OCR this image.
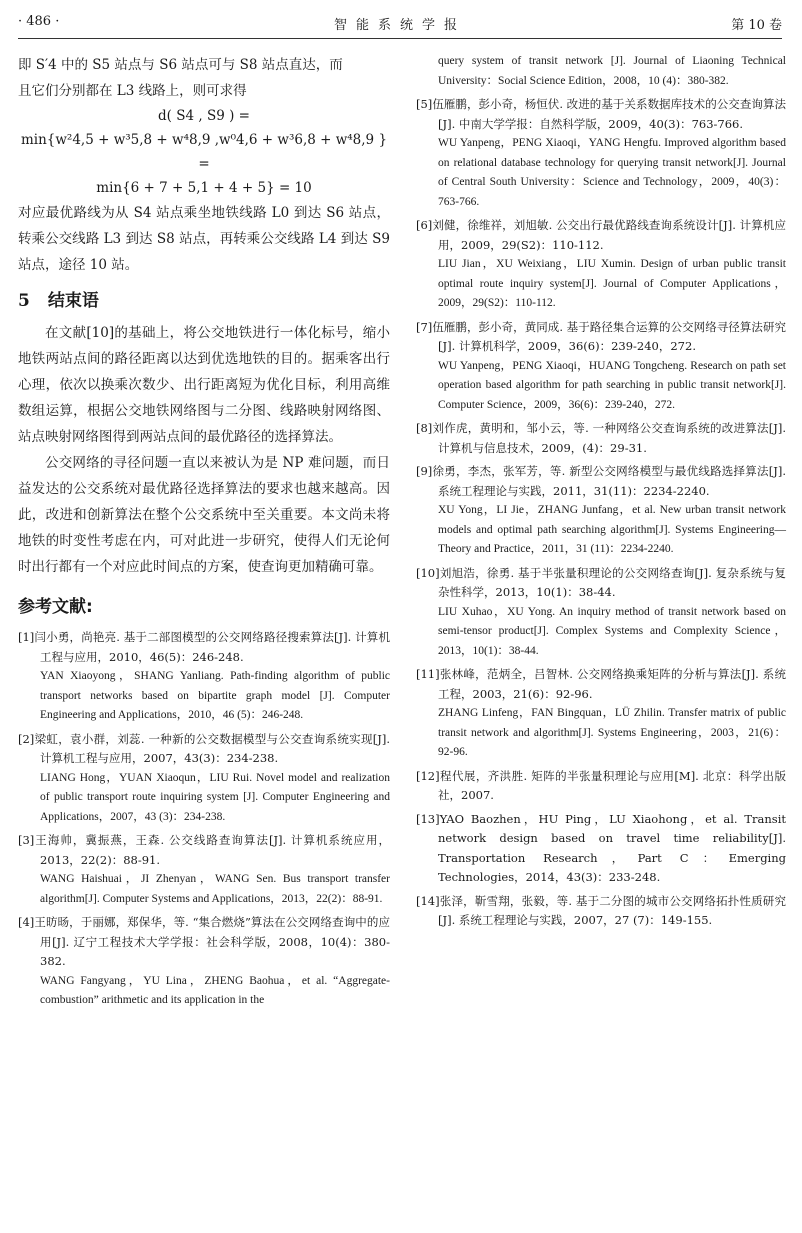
· 486 ·	智能系统学报	第 10 卷

即 S′4 中的 S5 站点与 S6 站点可与 S8 站点直达，而

且它们分别都在 L3 线路上，则可求得

d( S4 , S9 ) =

min{w²4,5 + w³5,8 + w⁴8,9 ,w⁰4,6 + w³6,8 + w⁴8,9 } =

min{6 + 7 + 5,1 + 4 + 5} = 10

对应最优路线为从 S4 站点乘坐地铁线路 L0 到达 S6 站点，转乘公交线路 L3 到达 S8 站点，再转乘公交线路 L4 到达 S9 站点，途径 10 站。

5 结束语

在文献[10]的基础上，将公交地铁进行一体化标号，缩小地铁两站点间的路径距离以达到优选地铁的目的。据乘客出行心理，依次以换乘次数少、出行距离短为优化目标，利用高维数组运算，根据公交地铁网络图与二分图、线路映射网络图、站点映射网络图得到两站点间的最优路径的选择算法。

公交网络的寻径问题一直以来被认为是 NP 难问题，而日益发达的公交系统对最优路径选择算法的要求也越来越高。因此，改进和创新算法在整个公交系统中至关重要。本文尚未将地铁的时变性考虑在内，可对此进一步研究，使得人们无论何时出行都有一个对应此时间点的方案，使查询更加精确可靠。

参考文献:
[1]闫小勇，尚艳亮. 基于二部图模型的公交网络路径搜索算法[J]. 计算机工程与应用，2010，46(5)：246-248.
YAN Xiaoyong，SHANG Yanliang. Path-finding algorithm of public transport networks based on bipartite graph model [J]. Computer Engineering and Applications，2010，46 (5)：246-248.
[2]梁虹，袁小群，刘蕊. 一种新的公交数据模型与公交查询系统实现[J]. 计算机工程与应用，2007，43(3)：234-238.
LIANG Hong，YUAN Xiaoqun，LIU Rui. Novel model and realization of public transport route inquiring system [J]. Computer Engineering and Applications，2007，43 (3)：234-238.
[3]王海帅，冀振燕，王森. 公交线路查询算法[J]. 计算机系统应用，2013，22(2)：88-91.
WANG Haishuai，JI Zhenyan，WANG Sen. Bus transport transfer algorithm[J]. Computer Systems and Applications，2013，22(2)：88-91.
[4]王昉旸，于丽娜，郑保华，等. “集合燃烧”算法在公交网络查询中的应用[J]. 辽宁工程技术大学学报：社会科学版，2008，10(4)：380-382.
WANG Fangyang，YU Lina，ZHENG Baohua，et al. “Aggregate-combustion” arithmetic and its application in the
query system of transit network [J]. Journal of Liaoning Technical University：Social Science Edition，2008，10 (4)：380-382.
[5]伍雁鹏，彭小奇，杨恒伏. 改进的基于关系数据库技术的公交查询算法[J]. 中南大学学报：自然科学版，2009，40(3)：763-766.
WU Yanpeng，PENG Xiaoqi，YANG Hengfu. Improved algorithm based on relational database technology for querying transit network[J]. Journal of Central South University：Science and Technology，2009，40(3)：763-766.
[6]刘健，徐维祥，刘旭敏. 公交出行最优路线查询系统设计[J]. 计算机应用，2009，29(S2)：110-112.
LIU Jian，XU Weixiang，LIU Xumin. Design of urban public transit optimal route inquiry system[J]. Journal of Computer Applications，2009，29(S2)：110-112.
[7]伍雁鹏，彭小奇，黄同成. 基于路径集合运算的公交网络寻径算法研究[J]. 计算机科学，2009，36(6)：239-240，272.
WU Yanpeng，PENG Xiaoqi，HUANG Tongcheng. Research on path set operation based algorithm for path searching in public transit network[J]. Computer Science，2009，36(6)：239-240，272.
[8]刘作虎，黄明和，邹小云，等. 一种网络公交查询系统的改进算法[J]. 计算机与信息技术，2009，(4)：29-31.
[9]徐勇，李杰，张军芳，等. 新型公交网络模型与最优线路选择算法[J]. 系统工程理论与实践，2011，31(11)：2234-2240.
XU Yong，LI Jie，ZHANG Junfang，et al. New urban transit network models and optimal path searching algorithm[J]. Systems Engineering—Theory and Practice，2011，31 (11)：2234-2240.
[10]刘旭浩，徐勇. 基于半张量积理论的公交网络查询[J]. 复杂系统与复杂性科学，2013，10(1)：38-44.
LIU Xuhao，XU Yong. An inquiry method of transit network based on semi-tensor product[J]. Complex Systems and Complexity Science，2013，10(1)：38-44.
[11]张林峰，范炳全，吕智林. 公交网络换乘矩阵的分析与算法[J]. 系统工程，2003，21(6)：92-96.
ZHANG Linfeng，FAN Bingquan，LÜ Zhilin. Transfer matrix of public transit network and algorithm[J]. Systems Engineering，2003，21(6)：92-96.
[12]程代展，齐洪胜. 矩阵的半张量积理论与应用[M]. 北京：科学出版社，2007.
[13]YAO Baozhen，HU Ping，LU Xiaohong，et al. Transit network design based on travel time reliability[J]. Transportation Research，Part C：Emerging Technologies，2014，43(3)：233-248.
[14]张泽，靳雪翔，张毅，等. 基于二分图的城市公交网络拓扑性质研究[J]. 系统工程理论与实践，2007，27 (7)：149-155.
